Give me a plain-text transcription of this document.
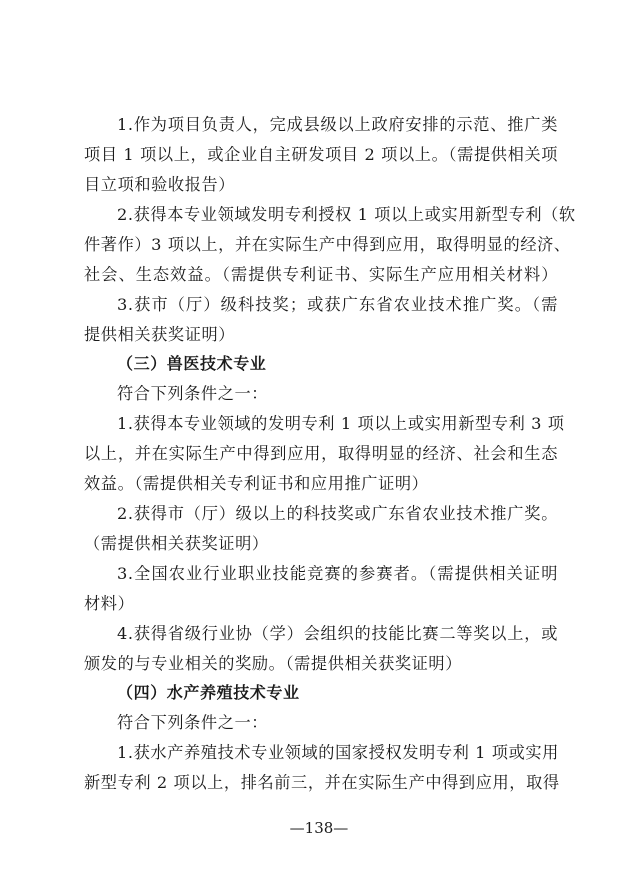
1.作为项目负责人，完成县级以上政府安排的示范、推广类
项目 1 项以上，或企业自主研发项目 2 项以上。（需提供相关项
目立项和验收报告）
2.获得本专业领域发明专利授权 1 项以上或实用新型专利（软
件著作）3 项以上，并在实际生产中得到应用，取得明显的经济、
社会、生态效益。（需提供专利证书、实际生产应用相关材料）
3.获市（厅）级科技奖；或获广东省农业技术推广奖。（需
提供相关获奖证明）
（三）兽医技术专业
符合下列条件之一：
1.获得本专业领域的发明专利 1 项以上或实用新型专利 3 项
以上，并在实际生产中得到应用，取得明显的经济、社会和生态
效益。（需提供相关专利证书和应用推广证明）
2.获得市（厅）级以上的科技奖或广东省农业技术推广奖。
（需提供相关获奖证明）
3.全国农业行业职业技能竞赛的参赛者。（需提供相关证明
材料）
4.获得省级行业协（学）会组织的技能比赛二等奖以上，或
颁发的与专业相关的奖励。（需提供相关获奖证明）
（四）水产养殖技术专业
符合下列条件之一：
1.获水产养殖技术专业领域的国家授权发明专利 1 项或实用
新型专利 2 项以上，排名前三，并在实际生产中得到应用，取得
—138—
